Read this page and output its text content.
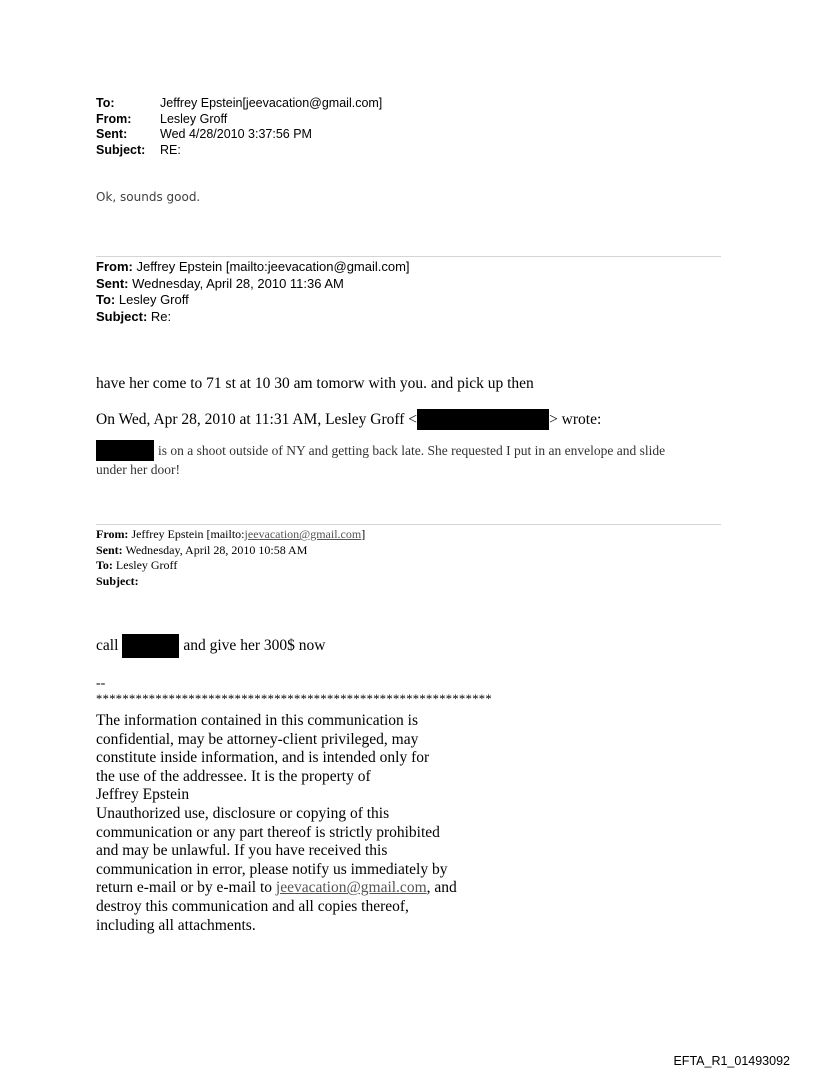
To:	Jeffrey Epstein[jeevacation@gmail.com]
From:	Lesley Groff
Sent:	Wed 4/28/2010 3:37:56 PM
Subject:	RE:
Ok, sounds good.
From: Jeffrey Epstein [mailto:jeevacation@gmail.com]
Sent: Wednesday, April 28, 2010 11:36 AM
To: Lesley Groff
Subject: Re:
have her come to 71 st at 10 30 am tomorw with you. and pick up then
On Wed, Apr 28, 2010 at 11:31 AM, Lesley Groff <	> wrote:
is on a shoot outside of NY and getting back late. She requested I put in an envelope and slide
under her door!
From: Jeffrey Epstein [mailto:jeevacation@gmail.com]
Sent: Wednesday, April 28, 2010 10:58 AM
To: Lesley Groff
Subject:
call	and give her 300$ now
--
************************************************************
The information contained in this communication is
confidential, may be attorney-client privileged, may
constitute inside information, and is intended only for
the use of the addressee. It is the property of
Jeffrey Epstein
Unauthorized use, disclosure or copying of this
communication or any part thereof is strictly prohibited
and may be unlawful. If you have received this
communication in error, please notify us immediately by
return e-mail or by e-mail to jeevacation@gmail.com, and
destroy this communication and all copies thereof,
including all attachments.
EFTA_R1_01493092
